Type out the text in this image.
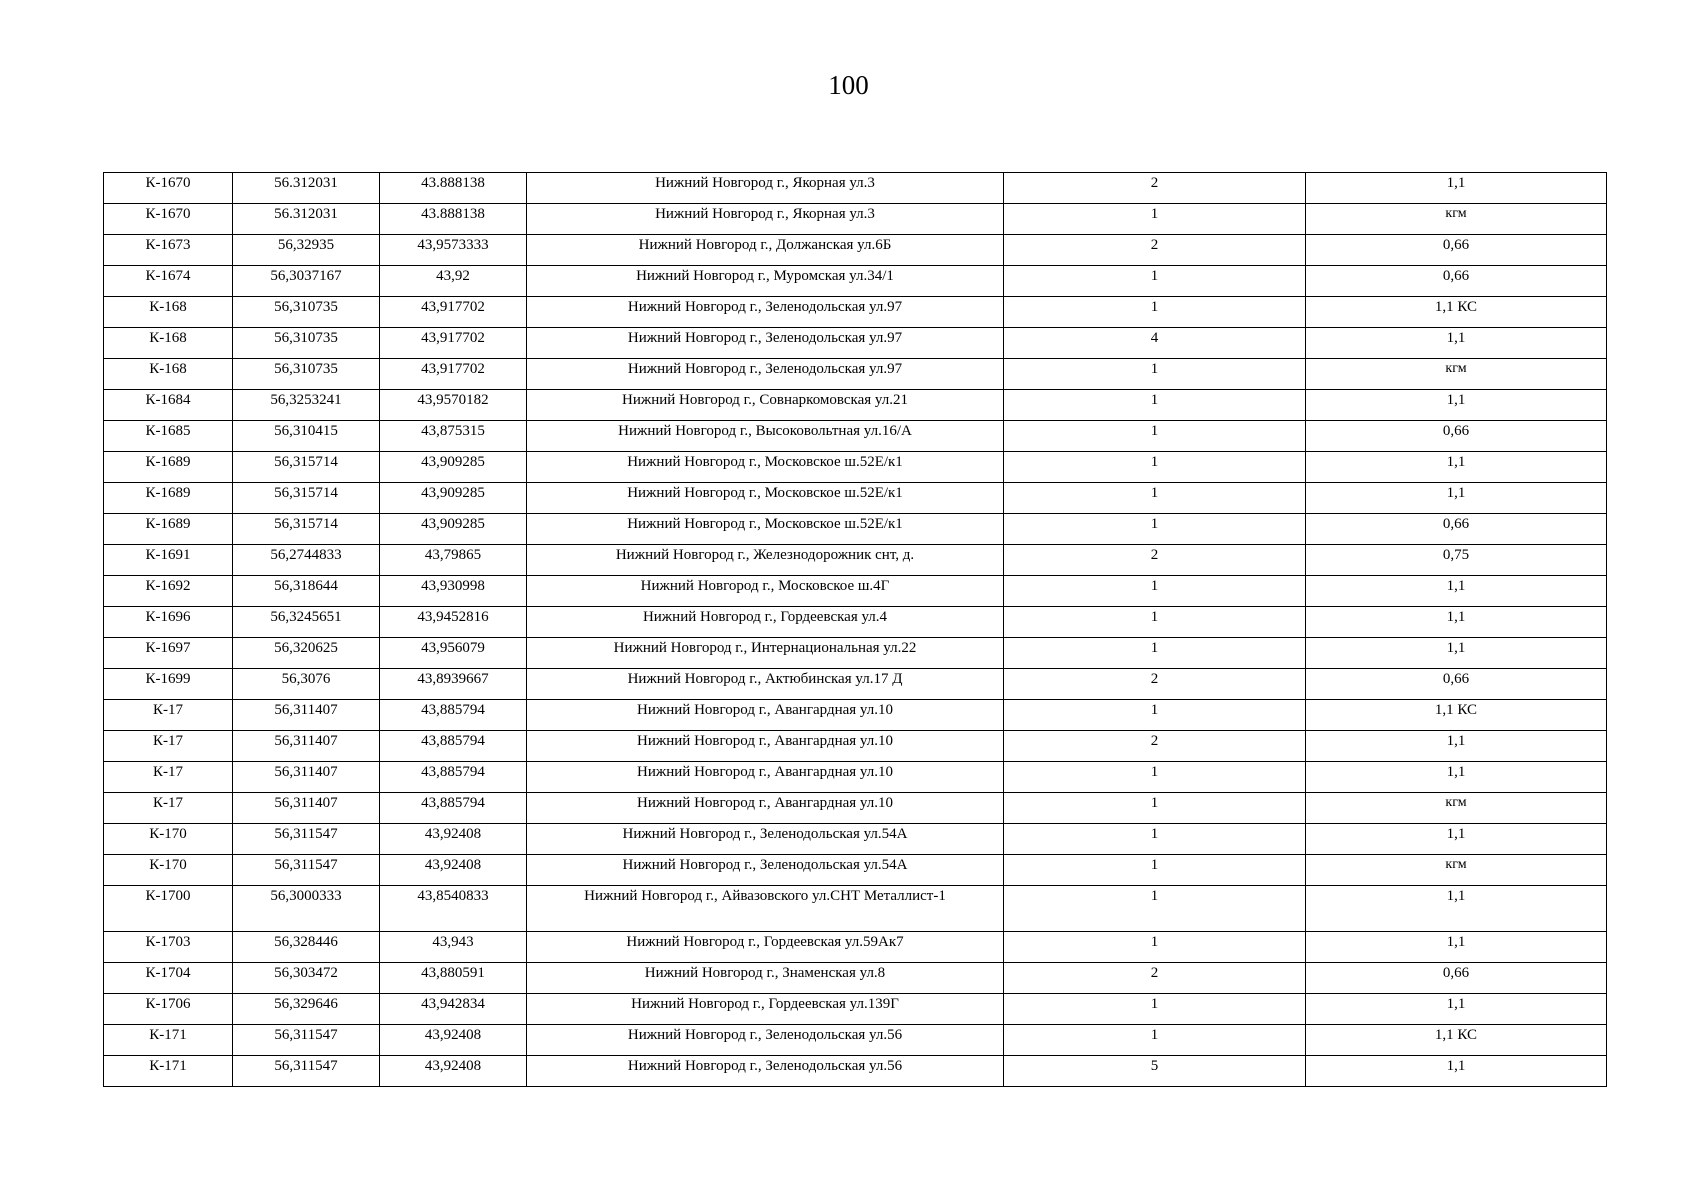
100
К-1670	56.312031	43.888138	Нижний Новгород г., Якорная ул.3	2	1,1
К-1670	56.312031	43.888138	Нижний Новгород г., Якорная ул.3	1	кгм
К-1673	56,32935	43,9573333	Нижний Новгород г., Должанская ул.6Б	2	0,66
К-1674	56,3037167	43,92	Нижний Новгород г., Муромская ул.34/1	1	0,66
К-168	56,310735	43,917702	Нижний Новгород г., Зеленодольская ул.97	1	1,1 КС
К-168	56,310735	43,917702	Нижний Новгород г., Зеленодольская ул.97	4	1,1
К-168	56,310735	43,917702	Нижний Новгород г., Зеленодольская ул.97	1	кгм
К-1684	56,3253241	43,9570182	Нижний Новгород г., Совнаркомовская ул.21	1	1,1
К-1685	56,310415	43,875315	Нижний Новгород г., Высоковольтная ул.16/А	1	0,66
К-1689	56,315714	43,909285	Нижний Новгород г., Московское ш.52Е/к1	1	1,1
К-1689	56,315714	43,909285	Нижний Новгород г., Московское ш.52Е/к1	1	1,1
К-1689	56,315714	43,909285	Нижний Новгород г., Московское ш.52Е/к1	1	0,66
К-1691	56,2744833	43,79865	Нижний Новгород г., Железнодорожник снт, д.	2	0,75
К-1692	56,318644	43,930998	Нижний Новгород г., Московское ш.4Г	1	1,1
К-1696	56,3245651	43,9452816	Нижний Новгород г., Гордеевская ул.4	1	1,1
К-1697	56,320625	43,956079	Нижний Новгород г., Интернациональная ул.22	1	1,1
К-1699	56,3076	43,8939667	Нижний Новгород г., Актюбинская ул.17 Д	2	0,66
К-17	56,311407	43,885794	Нижний Новгород г., Авангардная ул.10	1	1,1 КС
К-17	56,311407	43,885794	Нижний Новгород г., Авангардная ул.10	2	1,1
К-17	56,311407	43,885794	Нижний Новгород г., Авангардная ул.10	1	1,1
К-17	56,311407	43,885794	Нижний Новгород г., Авангардная ул.10	1	кгм
К-170	56,311547	43,92408	Нижний Новгород г., Зеленодольская ул.54А	1	1,1
К-170	56,311547	43,92408	Нижний Новгород г., Зеленодольская ул.54А	1	кгм
К-1700	56,3000333	43,8540833	Нижний Новгород г., Айвазовского ул.СНТ Металлист-1	1	1,1
К-1703	56,328446	43,943	Нижний Новгород г., Гордеевская ул.59Ак7	1	1,1
К-1704	56,303472	43,880591	Нижний Новгород г., Знаменская ул.8	2	0,66
К-1706	56,329646	43,942834	Нижний Новгород г., Гордеевская ул.139Г	1	1,1
К-171	56,311547	43,92408	Нижний Новгород г., Зеленодольская ул.56	1	1,1 КС
К-171	56,311547	43,92408	Нижний Новгород г., Зеленодольская ул.56	5	1,1
